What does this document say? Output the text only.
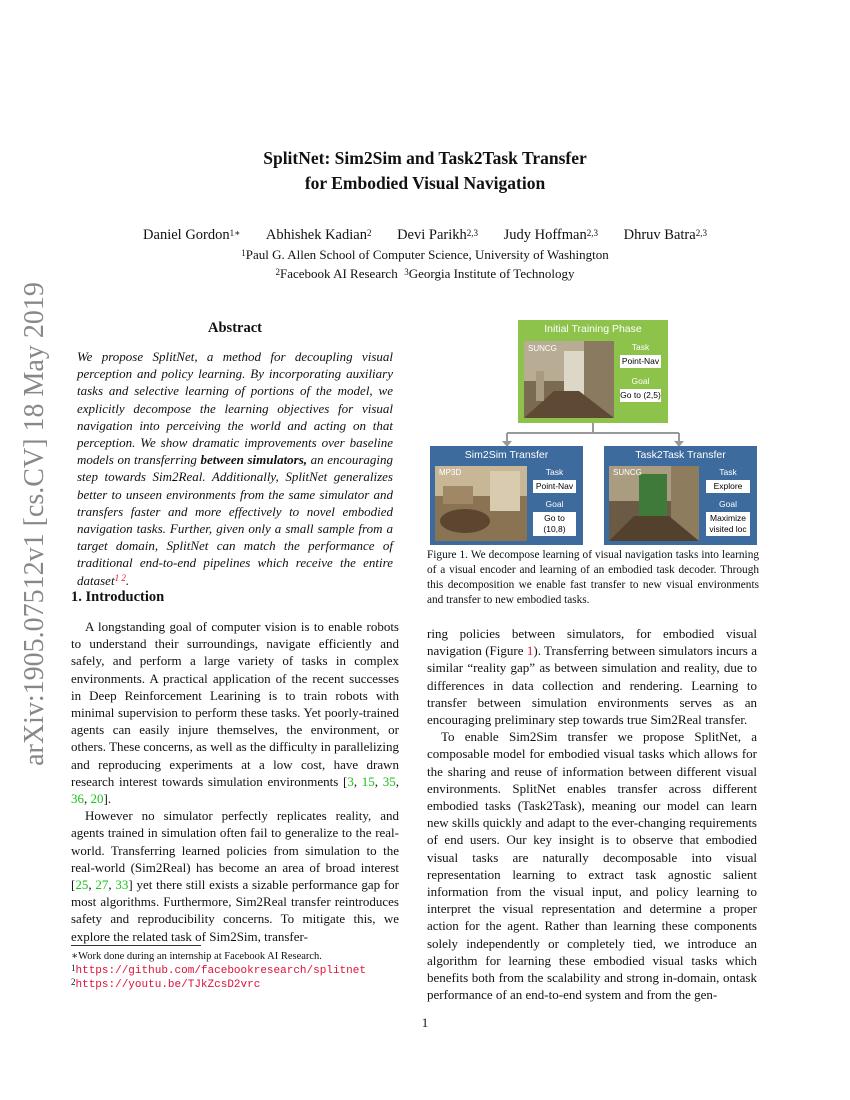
arXiv:1905.07512v1 [cs.CV] 18 May 2019
SplitNet: Sim2Sim and Task2Task Transfer
for Embodied Visual Navigation
Daniel Gordon$^{1∗}$ Abhishek Kadian$^2$ Devi Parikh$^{2,3}$ Judy Hoffman$^{2,3}$ Dhruv Batra$^{2,3}$
$^1$Paul G. Allen School of Computer Science, University of Washington
$^2$Facebook AI Research $^3$Georgia Institute of Technology
Abstract
We propose SplitNet, a method for decoupling visual perception and policy learning. By incorporating auxiliary tasks and selective learning of portions of the model, we explicitly decompose the learning objectives for visual navigation into perceiving the world and acting on that perception. We show dramatic improvements over baseline models on transferring between simulators, an encouraging step towards Sim2Real. Additionally, SplitNet generalizes better to unseen environments from the same simulator and transfers faster and more effectively to novel embodied navigation tasks. Further, given only a small sample from a target domain, SplitNet can match the performance of traditional end-to-end pipelines which receive the entire dataset$^{1 2}$.
1. Introduction

A longstanding goal of computer vision is to enable robots to understand their surroundings, navigate efficiently and safely, and perform a large variety of tasks in complex environments. A practical application of the recent successes in Deep Reinforcement Learining is to train robots with minimal supervision to perform these tasks. Yet poorly-trained agents can easily injure themselves, the environment, or others. These concerns, as well as the difficulty in parallelizing and reproducing experiments at a low cost, have drawn research interest towards simulation environments [3, 15, 35, 36, 20].

However no simulator perfectly replicates reality, and agents trained in simulation often fail to generalize to the real-world. Transferring learned policies from simulation to the real-world (Sim2Real) has become an area of broad interest [25, 27, 33] yet there still exists a sizable performance gap for most algorithms. Furthermore, Sim2Real transfer reintroduces safety and reproducibility concerns. To mitigate this, we explore the related task of Sim2Sim, transfer-

∗Work done during an internship at Facebook AI Research.
$^1$https://github.com/facebookresearch/splitnet
$^2$https://youtu.be/TJkZcsD2vrc
Initial Training Phase
SUNCG	Task
Point-Nav
Goal
Go to (2,5)
Sim2Sim Transfer
MP3D	Task
Point-Nav
Goal
Go to (10,8)
Task2Task Transfer
SUNCG	Task
Explore
Goal
Maximize visited loc
Figure 1. We decompose learning of visual navigation tasks into learning of a visual encoder and learning of an embodied task decoder. Through this decomposition we enable fast transfer to new visual environments and transfer to new embodied tasks.

ring policies between simulators, for embodied visual navigation (Figure 1). Transferring between simulators incurs a similar “reality gap” as between simulation and reality, due to differences in data collection and rendering. Learning to transfer between simulation environments serves as an encouraging preliminary step towards true Sim2Real transfer.

To enable Sim2Sim transfer we propose SplitNet, a composable model for embodied visual tasks which allows for the sharing and reuse of information between different visual environments. SplitNet enables transfer across different embodied tasks (Task2Task), meaning our model can learn new skills quickly and adapt to the ever-changing requirements of end users. Our key insight is to observe that embodied visual tasks are naturally decomposable into visual representation learning to extract task agnostic salient information from the visual input, and policy learning to interpret the visual representation and determine a proper action for the agent. Rather than learning these components solely independently or completely tied, we introduce an algorithm for learning these embodied visual tasks which benefits both from the scalability and strong in-domain, ontask performance of an end-to-end system and from the gen-

1
